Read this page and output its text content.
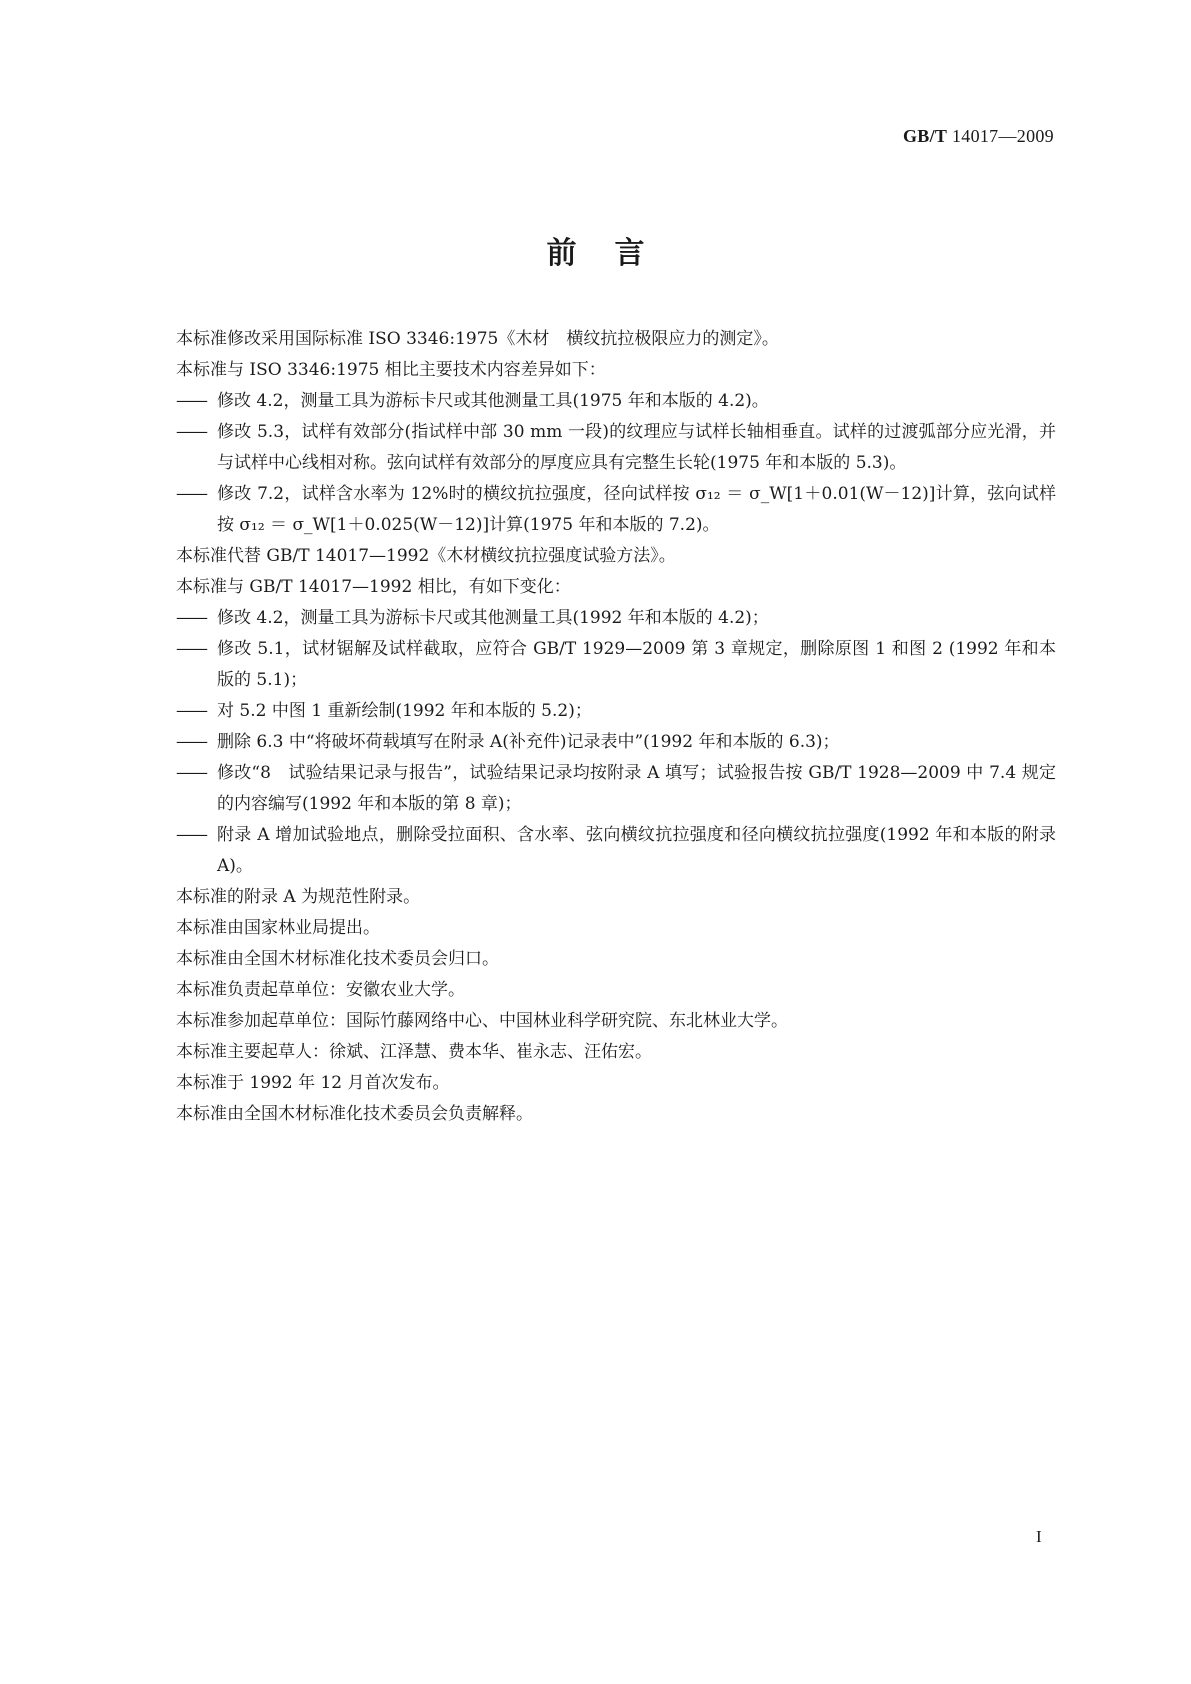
GB/T 14017—2009
前言

本标准修改采用国际标准 ISO 3346:1975《木材　横纹抗拉极限应力的测定》。

本标准与 ISO 3346:1975 相比主要技术内容差异如下：

—— 修改 4.2，测量工具为游标卡尺或其他测量工具(1975 年和本版的 4.2)。

—— 修改 5.3，试样有效部分(指试样中部 30 mm 一段)的纹理应与试样长轴相垂直。试样的过渡弧部分应光滑，并与试样中心线相对称。弦向试样有效部分的厚度应具有完整生长轮(1975 年和本版的 5.3)。

—— 修改 7.2，试样含水率为 12%时的横纹抗拉强度，径向试样按 σ₁₂ ＝ σ_W[1＋0.01(W－12)]计算，弦向试样按 σ₁₂ ＝ σ_W[1＋0.025(W－12)]计算(1975 年和本版的 7.2)。

本标准代替 GB/T 14017—1992《木材横纹抗拉强度试验方法》。

本标准与 GB/T 14017—1992 相比，有如下变化：

—— 修改 4.2，测量工具为游标卡尺或其他测量工具(1992 年和本版的 4.2)；

—— 修改 5.1，试材锯解及试样截取，应符合 GB/T 1929—2009 第 3 章规定，删除原图 1 和图 2 (1992 年和本版的 5.1)；

—— 对 5.2 中图 1 重新绘制(1992 年和本版的 5.2)；

—— 删除 6.3 中“将破坏荷载填写在附录 A(补充件)记录表中”(1992 年和本版的 6.3)；

—— 修改“8　试验结果记录与报告”，试验结果记录均按附录 A 填写；试验报告按 GB/T 1928—2009 中 7.4 规定的内容编写(1992 年和本版的第 8 章)；

—— 附录 A 增加试验地点，删除受拉面积、含水率、弦向横纹抗拉强度和径向横纹抗拉强度(1992 年和本版的附录 A)。

本标准的附录 A 为规范性附录。

本标准由国家林业局提出。

本标准由全国木材标准化技术委员会归口。

本标准负责起草单位：安徽农业大学。

本标准参加起草单位：国际竹藤网络中心、中国林业科学研究院、东北林业大学。

本标准主要起草人：徐斌、江泽慧、费本华、崔永志、汪佑宏。

本标准于 1992 年 12 月首次发布。

本标准由全国木材标准化技术委员会负责解释。

I
